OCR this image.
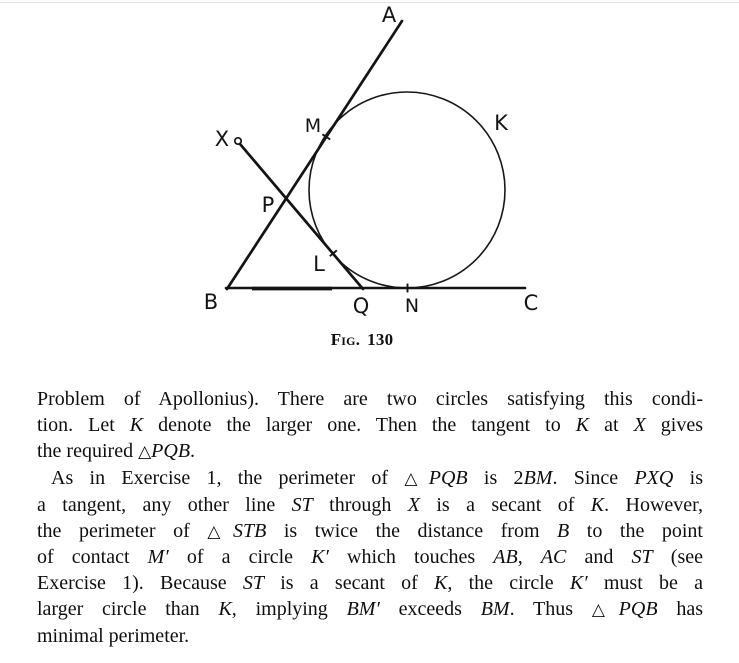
A
X
M	K
P
L
B	Q N	C
Fig. 130
Problem of Apollonius). There are two circles satisfying this condi-
tion. Let K denote the larger one. Then the tangent to K at X gives
the required △PQB.
As in Exercise 1, the perimeter of △PQB is 2BM. Since PXQ is
a tangent, any other line ST through X is a secant of K. However,
the perimeter of △STB is twice the distance from B to the point
of contact M′ of a circle K′ which touches AB, AC and ST (see
Exercise 1). Because ST is a secant of K, the circle K′ must be a
larger circle than K, implying BM′ exceeds BM. Thus △PQB has
minimal perimeter.
